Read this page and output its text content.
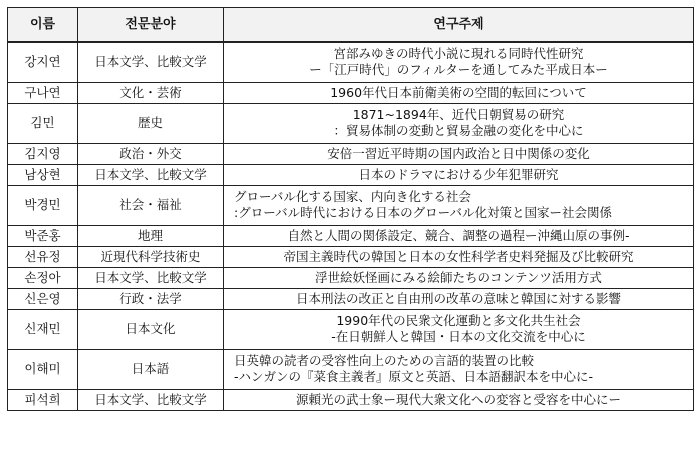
이름	전문분야	연구주제
강지연	日本文学、比較文学	宮部みゆきの時代小説に現れる同時代性研究
ー「江戸時代」のフィルターを通してみた平成日本ー

구나연	文化・芸術	1960年代日本前衛美術の空間的転回について

김민	歴史	1871~1894年、近代日朝貿易の研究
：貿易体制の変動と貿易金融の変化を中心に

김지영	政治・外交	安倍一習近平時期の国内政治と日中関係の変化

남상현	日本文学、比較文学	日本のドラマにおける少年犯罪研究

박경민	社会・福祉	グローバル化する国家、内向き化する社会
:グローバル時代における日本のグローバル化対策と国家ー社会関係

박준홍	地理	自然と人間の関係設定、競合、調整の過程ー沖縄山原の事例-

선유정	近現代科学技術史	帝国主義時代の韓国と日本の女性科学者史料発掘及び比較研究

손정아	日本文学、比較文学	浮世絵妖怪画にみる絵師たちのコンテンツ活用方式

신은영	行政・法学	日本刑法の改正と自由刑の改革の意味と韓国に対する影響

신재민	日本文化	1990年代の民衆文化運動と多文化共生社会
-在日朝鮮人と韓国・日本の文化交流を中心に

이해미	日本語	日英韓の読者の受容性向上のための言語的装置の比較
-ハンガンの『菜食主義者』原文と英語、日本語翻訳本を中心に-

피석희	日本文学、比較文学	源頼光の武士象ー現代大衆文化への変容と受容を中心にー
